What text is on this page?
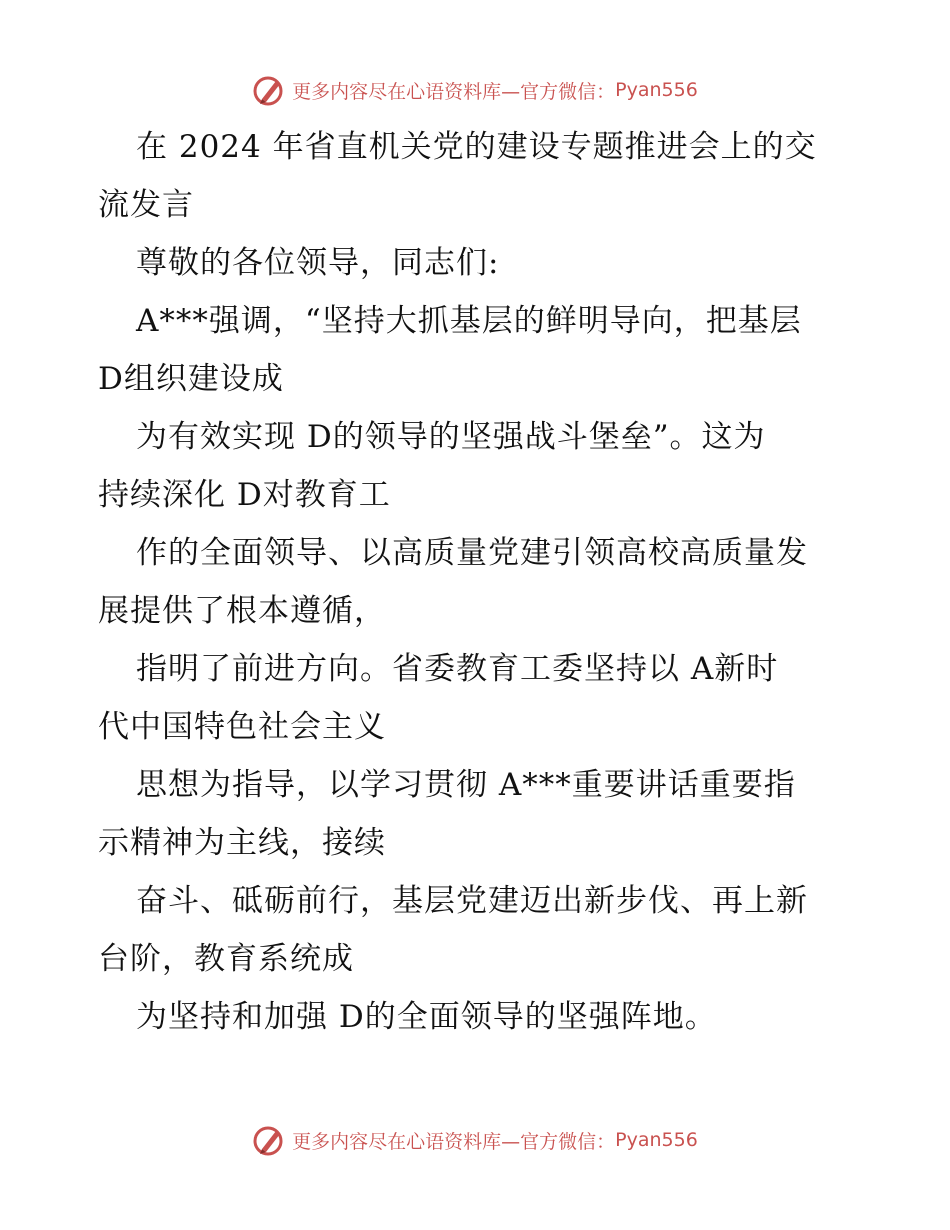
更多内容尽在心语资料库—官方微信： Pyan556
在 2024 年省直机关党的建设专题推进会上的交
流发言
尊敬的各位领导，同志们:
A***强调，“坚持大抓基层的鲜明导向，把基层
D组织建设成
为有效实现 D的领导的坚强战斗堡垒”。这为
持续深化 D对教育工
作的全面领导、以高质量党建引领高校高质量发
展提供了根本遵循，
指明了前进方向。省委教育工委坚持以 A新时
代中国特色社会主义
思想为指导，以学习贯彻 A***重要讲话重要指
示精神为主线，接续
奋斗、砥砺前行，基层党建迈出新步伐、再上新
台阶，教育系统成
为坚持和加强 D的全面领导的坚强阵地。
更多内容尽在心语资料库—官方微信： Pyan556
